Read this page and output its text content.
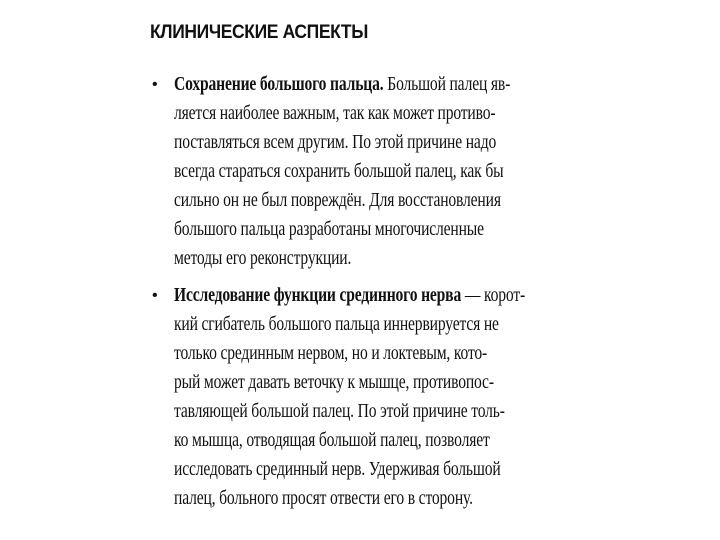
КЛИНИЧЕСКИЕ АСПЕКТЫ
• Сохранение большого пальца. Большой палец яв-
ляется наиболее важным, так как может противо-
поставляться всем другим. По этой причине надо
всегда стараться сохранить большой палец, как бы
сильно он не был повреждён. Для восстановления
большого пальца разработаны многочисленные
методы его реконструкции.
• Исследование функции срединного нерва — корот-
кий сгибатель большого пальца иннервируется не
только срединным нервом, но и локтевым, кото-
рый может давать веточку к мышце, противопос-
тавляющей большой палец. По этой причине толь-
ко мышца, отводящая большой палец, позволяет
исследовать срединный нерв. Удерживая большой
палец, больного просят отвести его в сторону.
